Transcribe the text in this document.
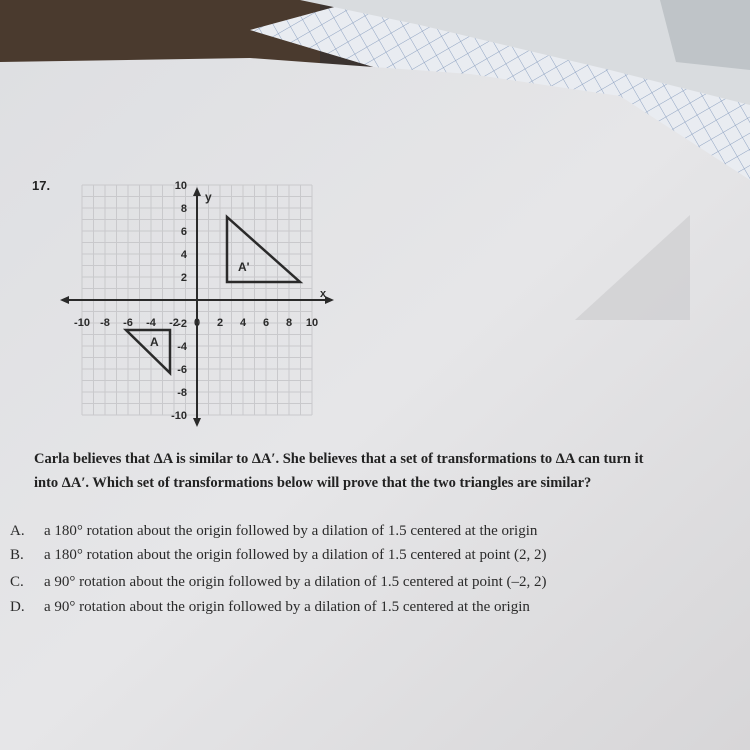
-10 -8 -6 -4 -2 0 2 4 6 8 10
10
8
6
4
2
-2
-4
-6
-8
-10
x
y
A'
A
17.
Carla believes that ΔA is similar to ΔA′. She believes that a set of transformations to ΔA can turn it
into ΔA′. Which set of transformations below will prove that the two triangles are similar?
A. a 180° rotation about the origin followed by a dilation of 1.5 centered at the origin
B. a 180° rotation about the origin followed by a dilation of 1.5 centered at point (2, 2)
C. a 90° rotation about the origin followed by a dilation of 1.5 centered at point (–2, 2)
D. a 90° rotation about the origin followed by a dilation of 1.5 centered at the origin
